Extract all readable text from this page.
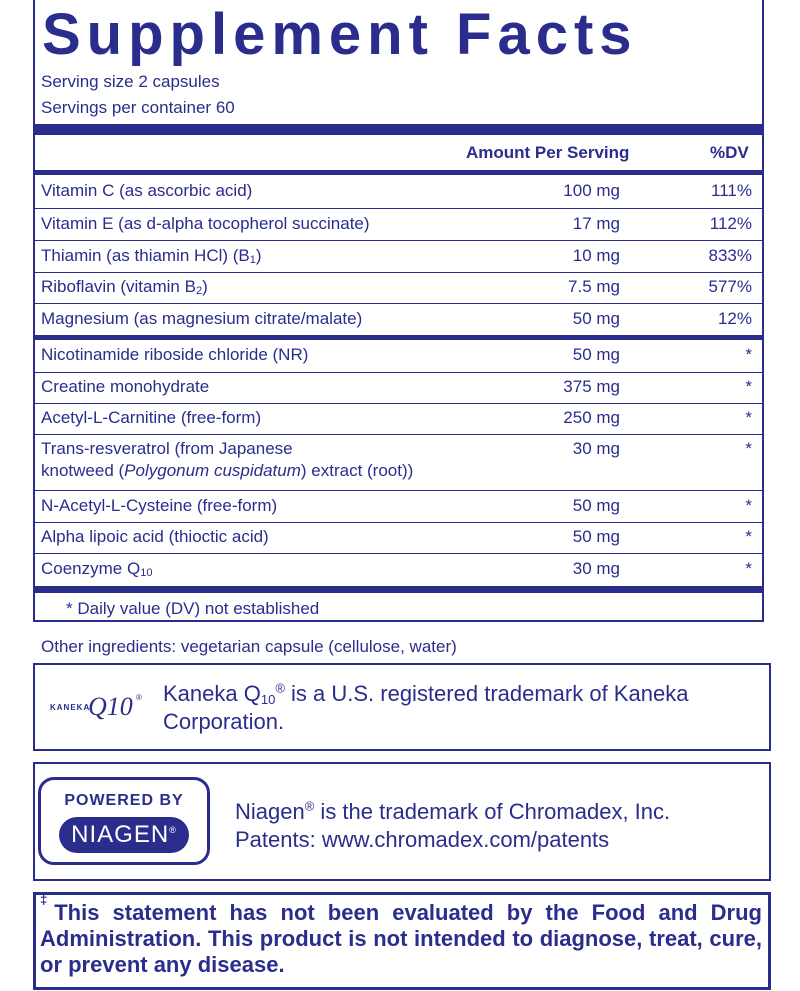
Supplement Facts
Serving size 2 capsules
Servings per container 60
Amount Per Serving	%DV
Vitamin C (as ascorbic acid)	100 mg	111%
Vitamin E (as d-alpha tocopherol succinate)	17 mg	112%
Thiamin (as thiamin HCl) $(B_1)$	10 mg	833%
Riboflavin (vitamin $B_2$)	7.5 mg	577%
Magnesium (as magnesium citrate/malate)	50 mg	12%
Nicotinamide riboside chloride (NR)	50 mg	*
Creatine monohydrate	375 mg	*
Acetyl-L-Carnitine (free-form)	250 mg	*
Trans-resveratrol (from Japanese
knotweed (Polygonum cuspidatum) extract (root))
30 mg	*
N-Acetyl-L-Cysteine (free-form)	50 mg	*
Alpha lipoic acid (thioctic acid)	50 mg	*
Coenzyme $Q_{10}$	30 mg	*
* Daily value (DV) not established
Other ingredients: vegetarian capsule (cellulose, water)
KANEKA
Q10 ® Kaneka $Q_{10}®$ is a U.S. registered trademark of Kaneka
Corporation.
POWERED BY
NIAGEN®
Niagen® is the trademark of Chromadex, Inc.
Patents: www.chromadex.com/patents
‡This statement has not been evaluated by the Food and Drug Administration. This product is not intended to diagnose, treat, cure, or prevent any disease.
